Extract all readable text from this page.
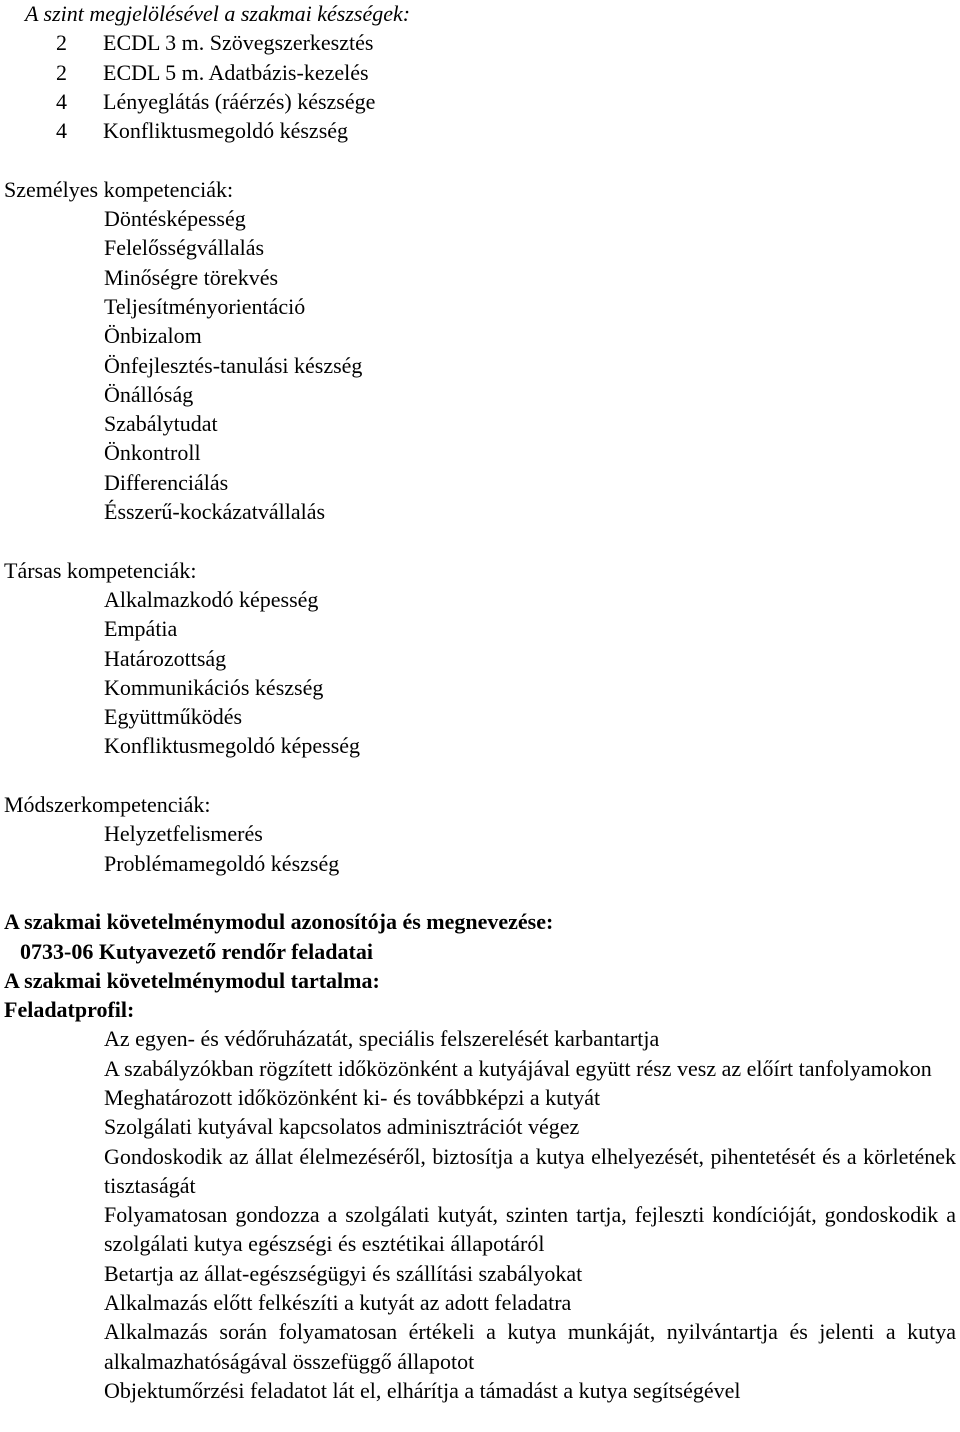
A szint megjelölésével a szakmai készségek:
2	ECDL 3 m. Szövegszerkesztés
2	ECDL 5 m. Adatbázis-kezelés
4	Lényeglátás (ráérzés) készsége
4	Konfliktusmegoldó készség
Személyes kompetenciák:
Döntésképesség
Felelősségvállalás
Minőségre törekvés
Teljesítményorientáció
Önbizalom
Önfejlesztés-tanulási készség
Önállóság
Szabálytudat
Önkontroll
Differenciálás
Ésszerű-kockázatvállalás
Társas kompetenciák:
Alkalmazkodó képesség
Empátia
Határozottság
Kommunikációs készség
Együttműködés
Konfliktusmegoldó képesség
Módszerkompetenciák:
Helyzetfelismerés
Problémamegoldó készség
A szakmai követelménymodul azonosítója és megnevezése:
0733-06 Kutyavezető rendőr feladatai
A szakmai követelménymodul tartalma:
Feladatprofil:
Az egyen- és védőruházatát, speciális felszerelését karbantartja
A szabályzókban rögzített időközönként a kutyájával együtt rész vesz az előírt tanfolyamokon
Meghatározott időközönként ki- és továbbképzi a kutyát
Szolgálati kutyával kapcsolatos adminisztrációt végez
Gondoskodik az állat élelmezéséről, biztosítja a kutya elhelyezését, pihentetését és a körletének tisztaságát
Folyamatosan gondozza a szolgálati kutyát, szinten tartja, fejleszti kondícióját, gondoskodik a szolgálati kutya egészségi és esztétikai állapotáról
Betartja az állat-egészségügyi és szállítási szabályokat
Alkalmazás előtt felkészíti a kutyát az adott feladatra
Alkalmazás során folyamatosan értékeli a kutya munkáját, nyilvántartja és jelenti a kutya alkalmazhatóságával összefüggő állapotot
Objektumőrzési feladatot lát el, elhárítja a támadást a kutya segítségével
